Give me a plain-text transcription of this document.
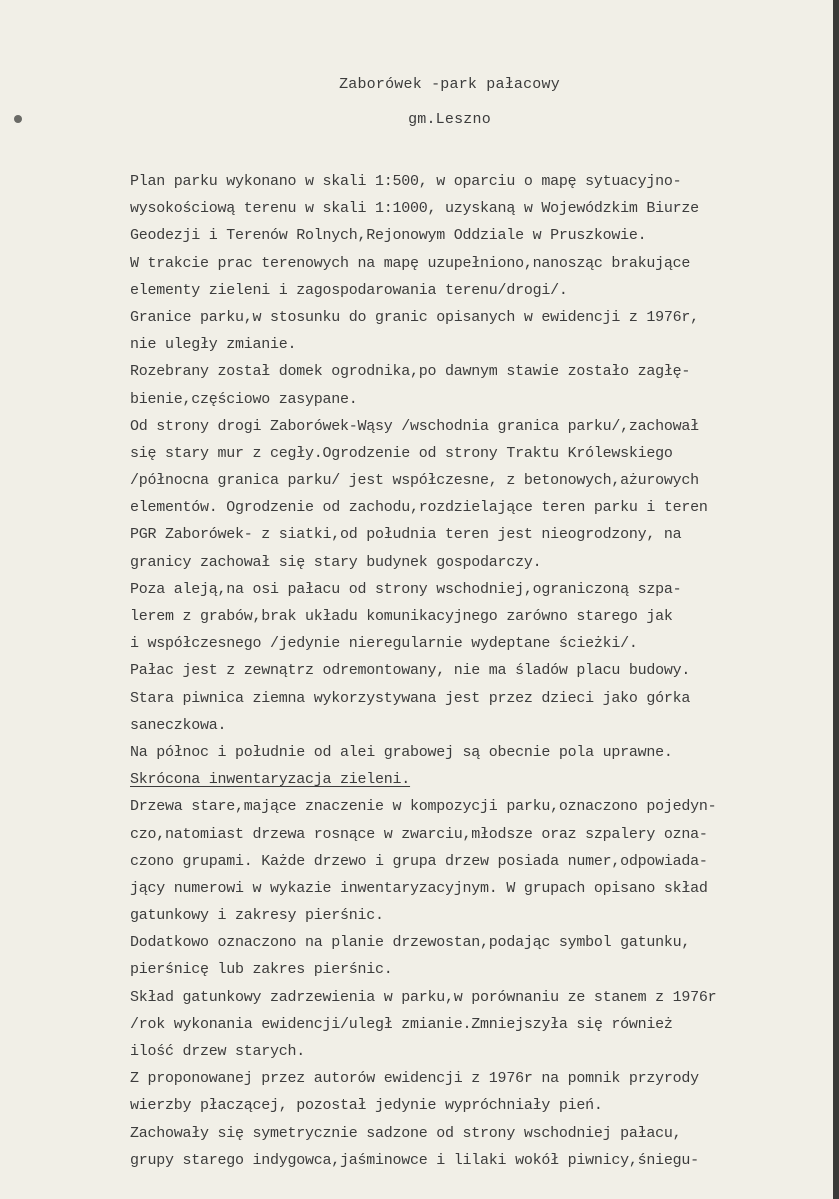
Zaborówek -park pałacowy
gm.Leszno
Plan parku wykonano w skali 1:500, w oparciu o mapę sytuacyjno-
wysokościową terenu w skali 1:1000, uzyskaną w Wojewódzkim Biurze
Geodezji i Terenów Rolnych,Rejonowym Oddziale w Pruszkowie.
W trakcie prac terenowych na mapę uzupełniono,nanosząc brakujące
elementy zieleni i zagospodarowania terenu/drogi/.
Granice parku,w stosunku do granic opisanych w ewidencji z 1976r,
nie uległy zmianie.
Rozebrany został domek ogrodnika,po dawnym stawie zostało zagłę-
bienie,częściowo zasypane.
Od strony drogi Zaborówek-Wąsy /wschodnia granica parku/,zachował
się stary mur z cegły.Ogrodzenie od strony Traktu Królewskiego
/północna granica parku/ jest współczesne, z betonowych,ażurowych
elementów. Ogrodzenie od zachodu,rozdzielające teren parku i teren
PGR Zaborówek- z siatki,od południa teren jest nieogrodzony, na
granicy zachował się stary budynek gospodarczy.
Poza aleją,na osi pałacu od strony wschodniej,ograniczoną szpa-
lerem z grabów,brak układu komunikacyjnego zarówno starego jak
i współczesnego /jedynie nieregularnie wydeptane ścieżki/.
Pałac jest z zewnątrz odremontowany, nie ma śladów placu budowy.
Stara piwnica ziemna wykorzystywana jest przez dzieci jako górka
saneczkowa.
Na północ i południe od alei grabowej są obecnie pola uprawne.
Skrócona inwentaryzacja zieleni.
Drzewa stare,mające znaczenie w kompozycji parku,oznaczono pojedyn-
czo,natomiast drzewa rosnące w zwarciu,młodsze oraz szpalery ozna-
czono grupami. Każde drzewo i grupa drzew posiada numer,odpowiada-
jący numerowi w wykazie inwentaryzacyjnym. W grupach opisano skład
gatunkowy i zakresy pierśnic.
Dodatkowo oznaczono na planie drzewostan,podając symbol gatunku,
pierśnicę lub zakres pierśnic.
Skład gatunkowy zadrzewienia w parku,w porównaniu ze stanem z 1976r
/rok wykonania ewidencji/uległ zmianie.Zmniejszyła się również
ilość drzew starych.
Z proponowanej przez autorów ewidencji z 1976r na pomnik przyrody
wierzby płaczącej, pozostał jedynie wypróchniały pień.
Zachowały się symetrycznie sadzone od strony wschodniej pałacu,
grupy starego indygowca,jaśminowce i lilaki wokół piwnicy,śniegu-
